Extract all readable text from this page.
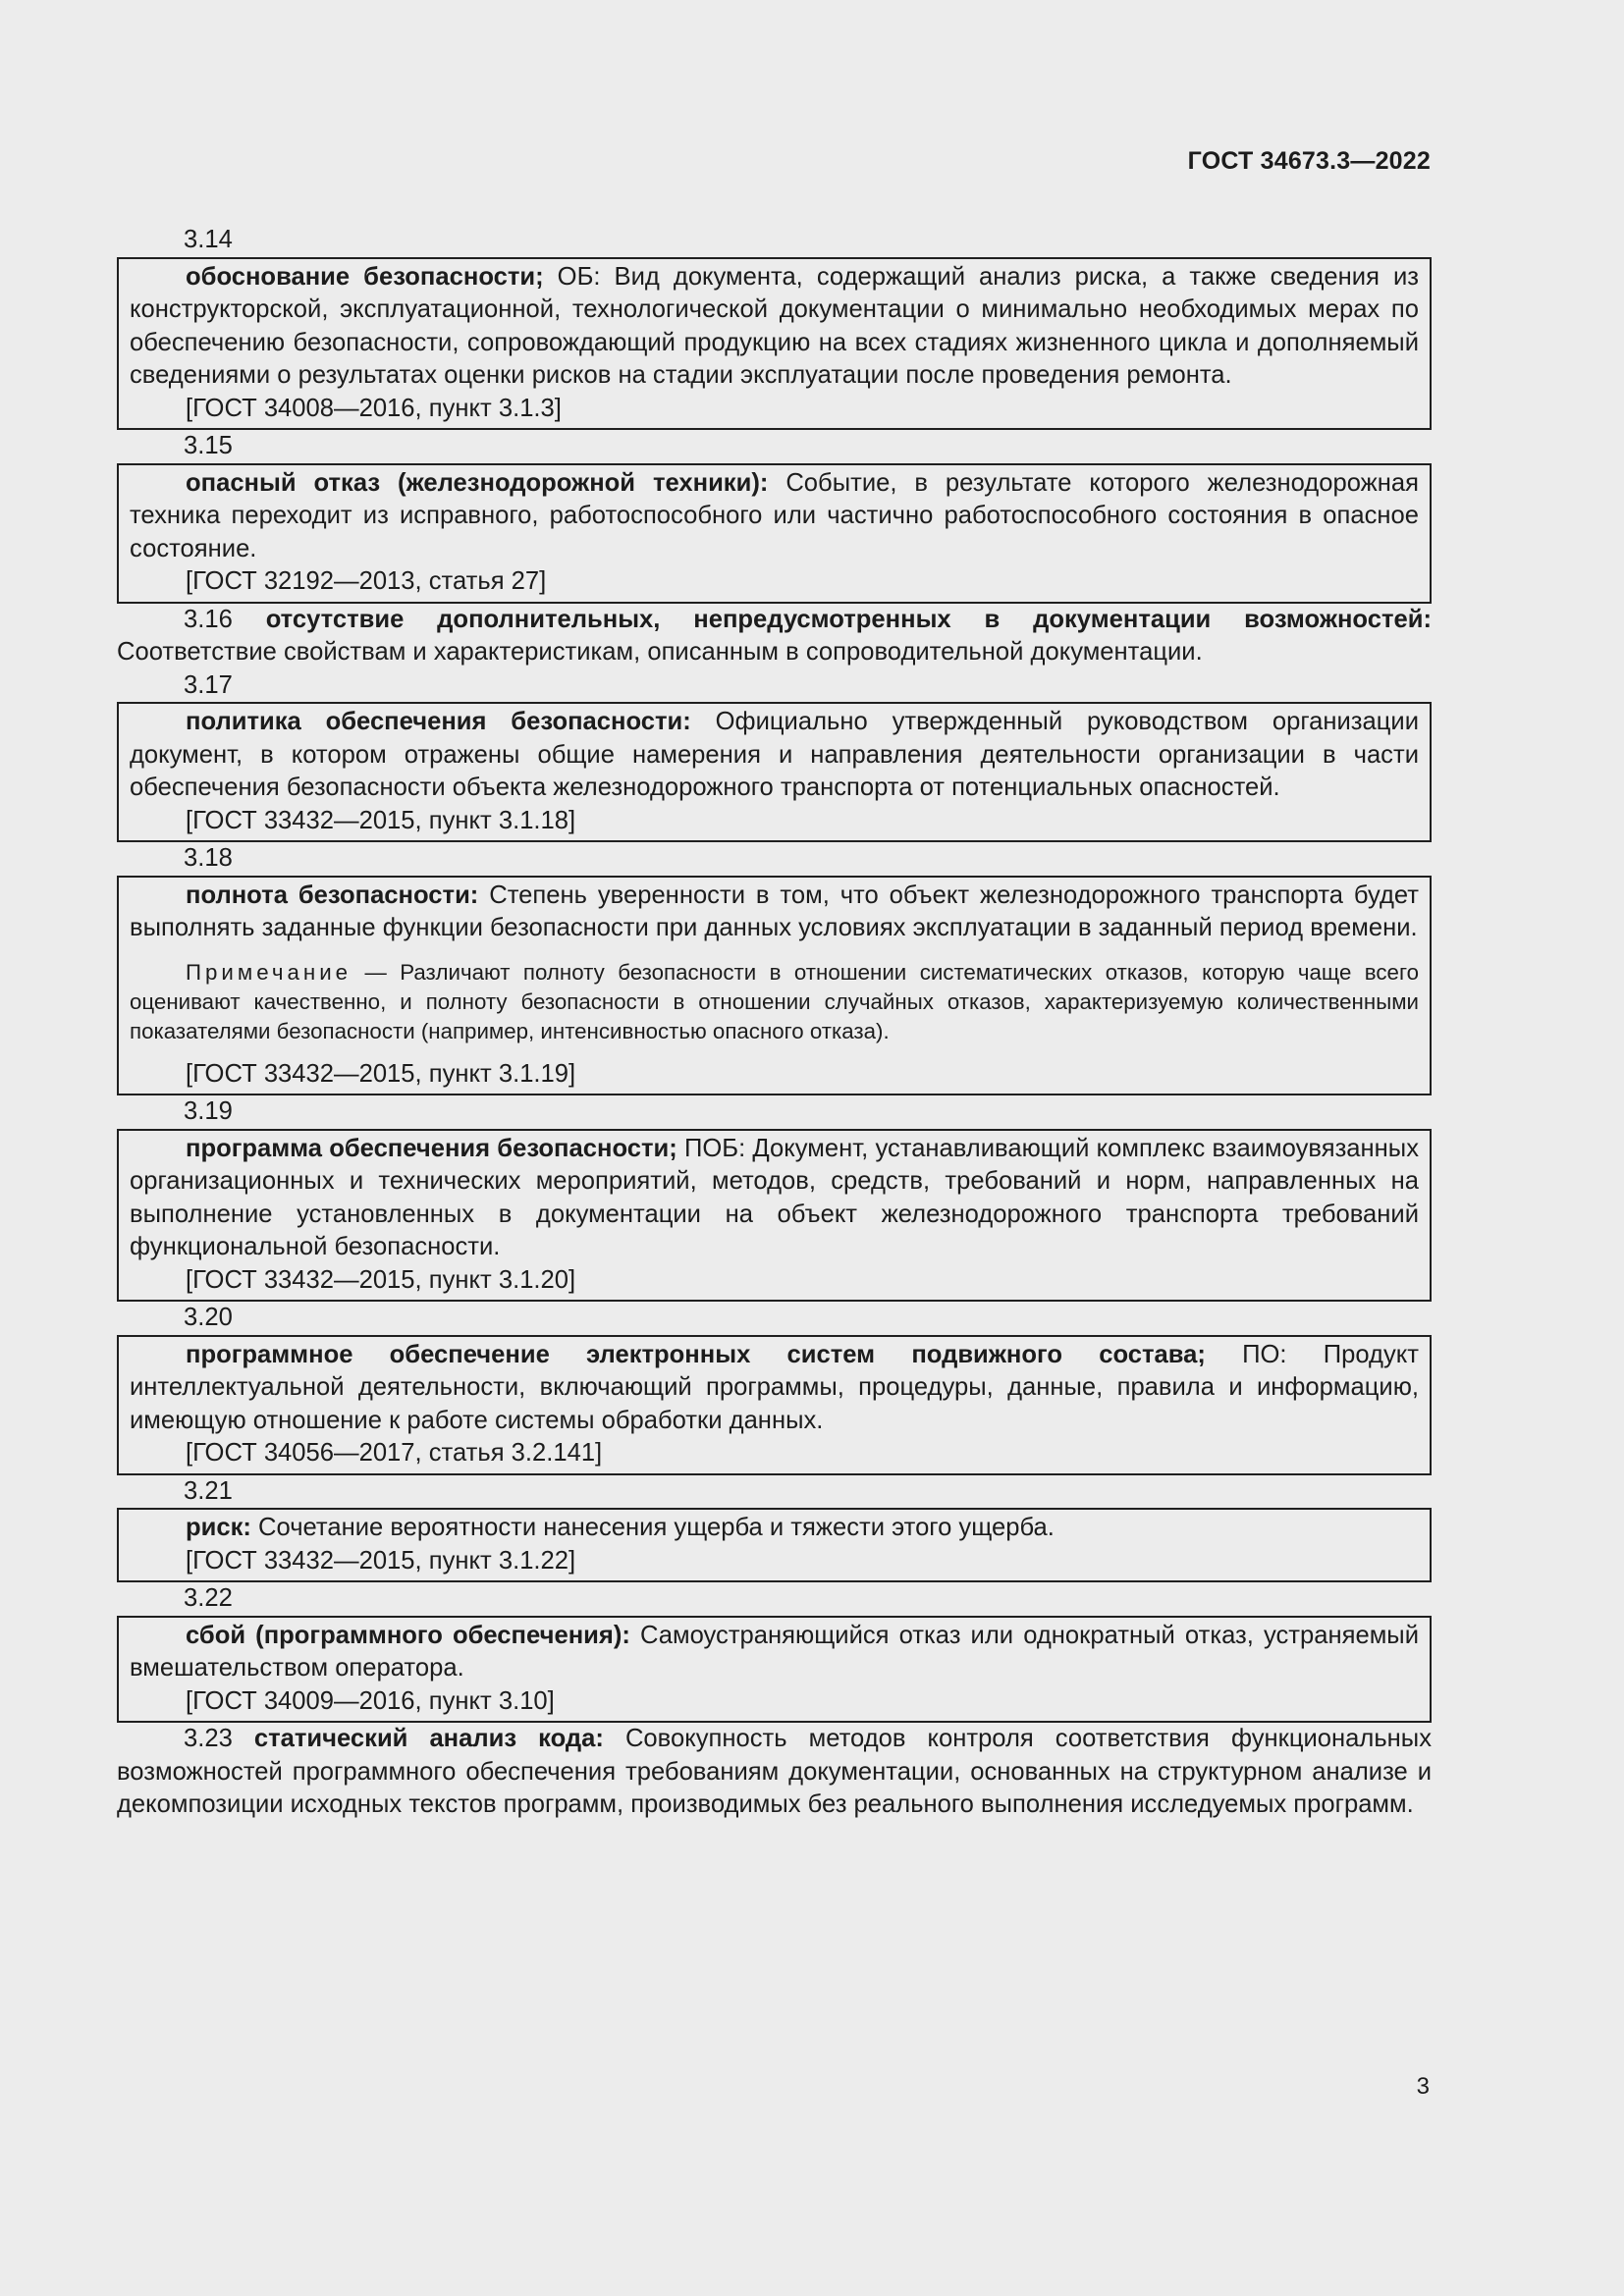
ГОСТ 34673.3—2022
3.14

обоснование безопасности; ОБ: Вид документа, содержащий анализ риска, а также сведения из конструкторской, эксплуатационной, технологической документации о минимально необходимых мерах по обеспечению безопасности, сопровождающий продукцию на всех стадиях жизненного цикла и дополняемый сведениями о результатах оценки рисков на стадии эксплуатации после проведения ремонта.

[ГОСТ 34008—2016, пункт 3.1.3]

3.15

опасный отказ (железнодорожной техники): Событие, в результате которого железнодорожная техника переходит из исправного, работоспособного или частично работоспособного состояния в опасное состояние.

[ГОСТ 32192—2013, статья 27]

3.16 отсутствие дополнительных, непредусмотренных в документации возможностей: Соответствие свойствам и характеристикам, описанным в сопроводительной документации.

3.17

политика обеспечения безопасности: Официально утвержденный руководством организации документ, в котором отражены общие намерения и направления деятельности организации в части обеспечения безопасности объекта железнодорожного транспорта от потенциальных опасностей.

[ГОСТ 33432—2015, пункт 3.1.18]

3.18

полнота безопасности: Степень уверенности в том, что объект железнодорожного транспорта будет выполнять заданные функции безопасности при данных условиях эксплуатации в заданный период времени.

Примечание — Различают полноту безопасности в отношении систематических отказов, которую чаще всего оценивают качественно, и полноту безопасности в отношении случайных отказов, характеризуемую количественными показателями безопасности (например, интенсивностью опасного отказа).

[ГОСТ 33432—2015, пункт 3.1.19]

3.19

программа обеспечения безопасности; ПОБ: Документ, устанавливающий комплекс взаимоувязанных организационных и технических мероприятий, методов, средств, требований и норм, направленных на выполнение установленных в документации на объект железнодорожного транспорта требований функциональной безопасности.

[ГОСТ 33432—2015, пункт 3.1.20]

3.20

программное обеспечение электронных систем подвижного состава; ПО: Продукт интеллектуальной деятельности, включающий программы, процедуры, данные, правила и информацию, имеющую отношение к работе системы обработки данных.

[ГОСТ 34056—2017, статья 3.2.141]

3.21

риск: Сочетание вероятности нанесения ущерба и тяжести этого ущерба.

[ГОСТ 33432—2015, пункт 3.1.22]

3.22

сбой (программного обеспечения): Самоустраняющийся отказ или однократный отказ, устраняемый вмешательством оператора.

[ГОСТ 34009—2016, пункт 3.10]

3.23 статический анализ кода: Совокупность методов контроля соответствия функциональных возможностей программного обеспечения требованиям документации, основанных на структурном анализе и декомпозиции исходных текстов программ, производимых без реального выполнения исследуемых программ.

3
